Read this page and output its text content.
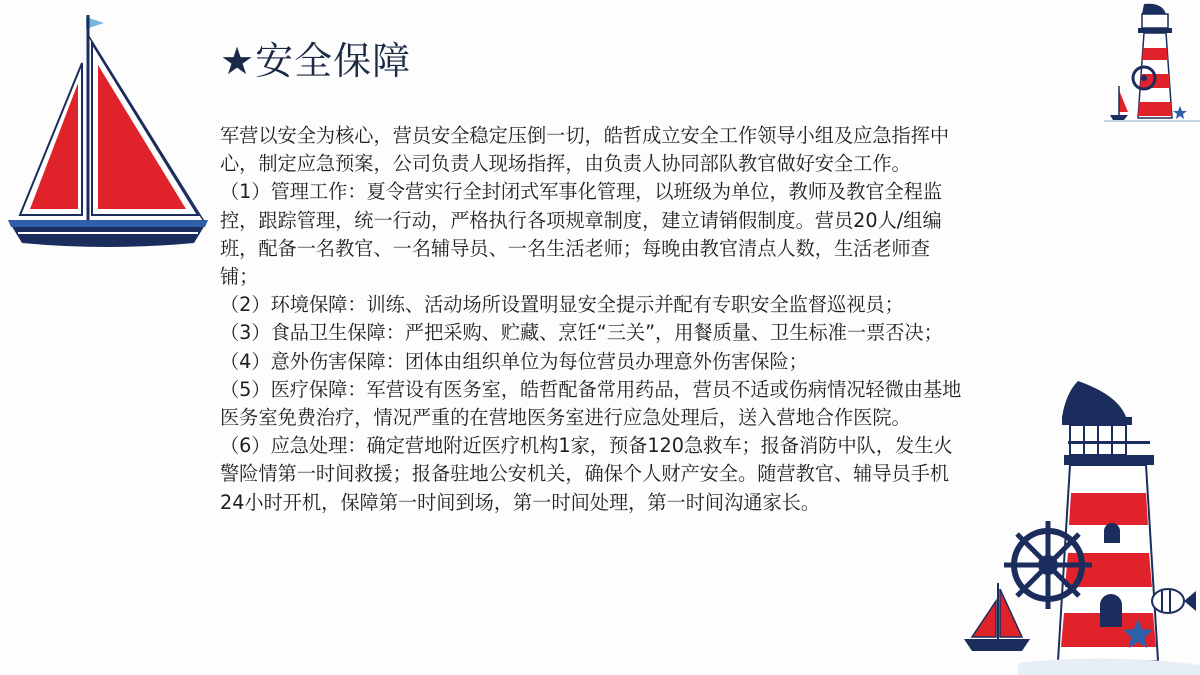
★安全保障

军营以安全为核心，营员安全稳定压倒一切，皓哲成立安全工作领导小组及应急指挥中心，制定应急预案，公司负责人现场指挥，由负责人协同部队教官做好安全工作。

（1）管理工作：夏令营实行全封闭式军事化管理，以班级为单位，教师及教官全程监控，跟踪管理，统一行动，严格执行各项规章制度，建立请销假制度。营员20人/组编班，配备一名教官、一名辅导员、一名生活老师；每晚由教官清点人数，生活老师查铺；

（2）环境保障：训练、活动场所设置明显安全提示并配有专职安全监督巡视员；

（3）食品卫生保障：严把采购、贮藏、烹饪“三关”，用餐质量、卫生标准一票否决；

（4）意外伤害保障：团体由组织单位为每位营员办理意外伤害保险；

（5）医疗保障：军营设有医务室，皓哲配备常用药品，营员不适或伤病情况轻微由基地医务室免费治疗，情况严重的在营地医务室进行应急处理后，送入营地合作医院。

（6）应急处理：确定营地附近医疗机构1家，预备120急救车；报备消防中队，发生火警险情第一时间救援；报备驻地公安机关，确保个人财产安全。随营教官、辅导员手机24小时开机，保障第一时间到场，第一时间处理，第一时间沟通家长。
